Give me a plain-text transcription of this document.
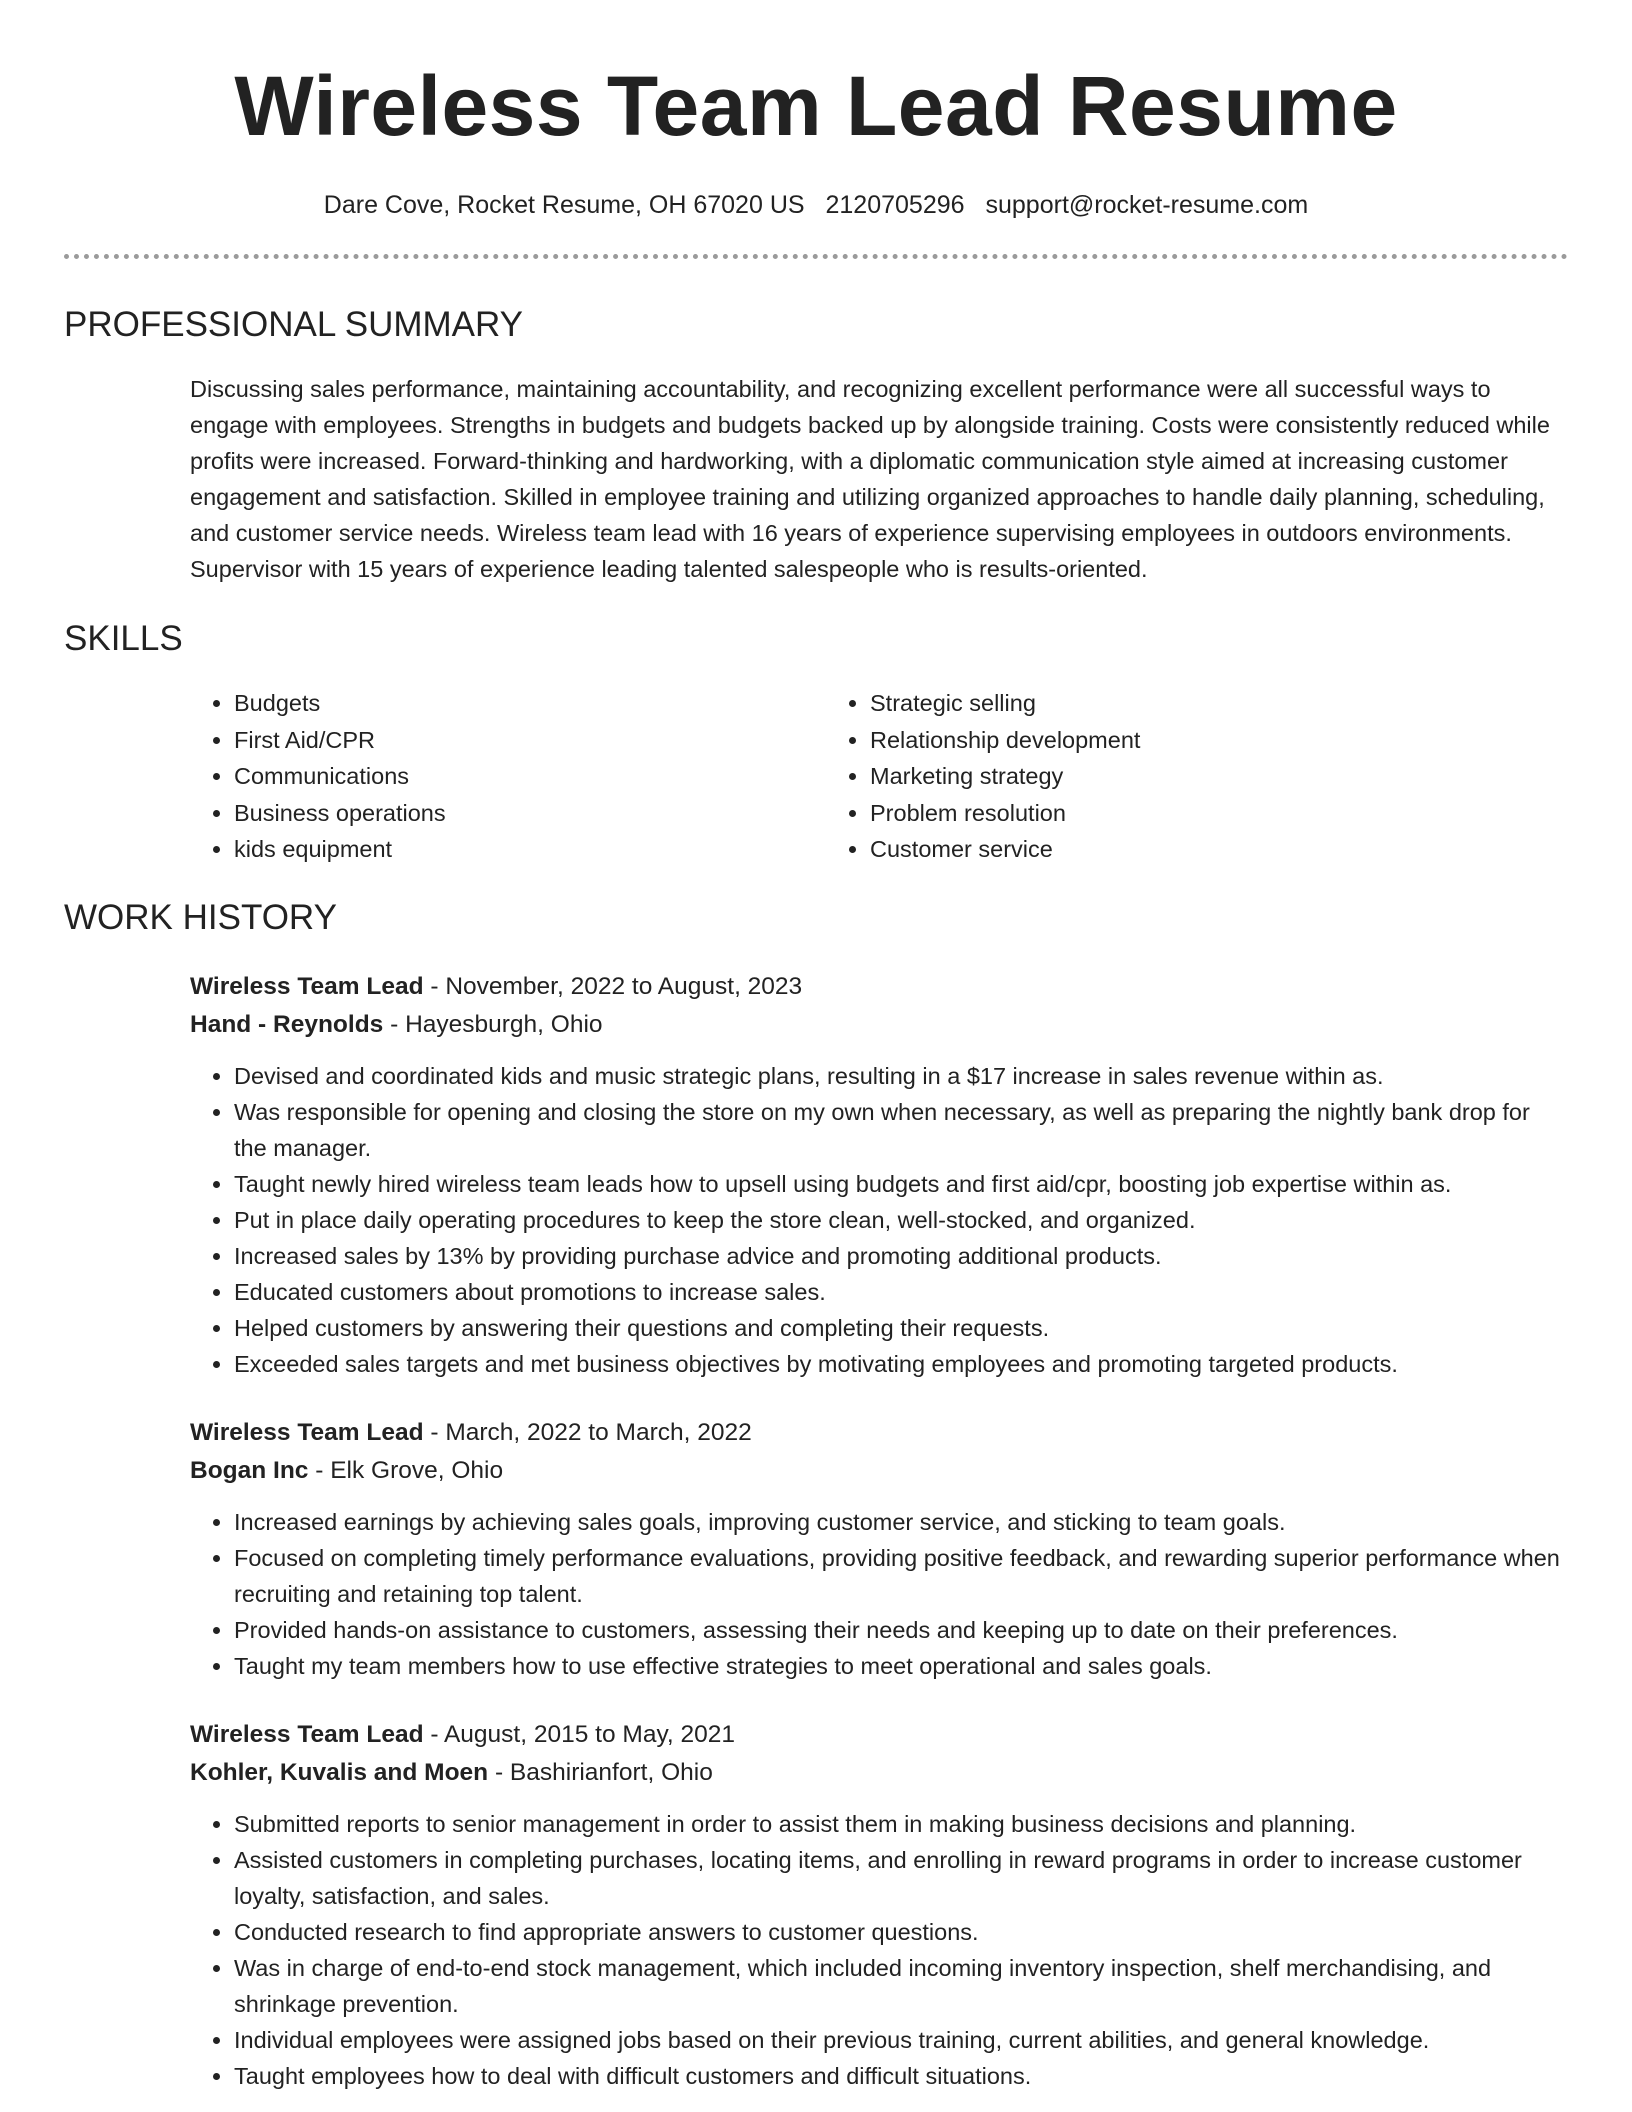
Wireless Team Lead Resume
Dare Cove, Rocket Resume, OH 67020 US 2120705296 support@rocket-resume.com
PROFESSIONAL SUMMARY

Discussing sales performance, maintaining accountability, and recognizing excellent performance were all successful ways to engage with employees. Strengths in budgets and budgets backed up by alongside training. Costs were consistently reduced while profits were increased. Forward-thinking and hardworking, with a diplomatic communication style aimed at increasing customer engagement and satisfaction. Skilled in employee training and utilizing organized approaches to handle daily planning, scheduling, and customer service needs. Wireless team lead with 16 years of experience supervising employees in outdoors environments. Supervisor with 15 years of experience leading talented salespeople who is results-oriented.

SKILLS
• Budgets
• First Aid/CPR
• Communications
• Business operations
• kids equipment
• Strategic selling
• Relationship development
• Marketing strategy
• Problem resolution
• Customer service
WORK HISTORY
Wireless Team Lead - November, 2022 to August, 2023
Hand - Reynolds - Hayesburgh, Ohio
• Devised and coordinated kids and music strategic plans, resulting in a $17 increase in sales revenue within as.
• Was responsible for opening and closing the store on my own when necessary, as well as preparing the nightly bank drop for the manager.
• Taught newly hired wireless team leads how to upsell using budgets and first aid/cpr, boosting job expertise within as.
• Put in place daily operating procedures to keep the store clean, well-stocked, and organized.
• Increased sales by 13% by providing purchase advice and promoting additional products.
• Educated customers about promotions to increase sales.
• Helped customers by answering their questions and completing their requests.
• Exceeded sales targets and met business objectives by motivating employees and promoting targeted products.
Wireless Team Lead - March, 2022 to March, 2022
Bogan Inc - Elk Grove, Ohio
• Increased earnings by achieving sales goals, improving customer service, and sticking to team goals.
• Focused on completing timely performance evaluations, providing positive feedback, and rewarding superior performance when recruiting and retaining top talent.
• Provided hands-on assistance to customers, assessing their needs and keeping up to date on their preferences.
• Taught my team members how to use effective strategies to meet operational and sales goals.
Wireless Team Lead - August, 2015 to May, 2021
Kohler, Kuvalis and Moen - Bashirianfort, Ohio
• Submitted reports to senior management in order to assist them in making business decisions and planning.
• Assisted customers in completing purchases, locating items, and enrolling in reward programs in order to increase customer loyalty, satisfaction, and sales.
• Conducted research to find appropriate answers to customer questions.
• Was in charge of end-to-end stock management, which included incoming inventory inspection, shelf merchandising, and shrinkage prevention.
• Individual employees were assigned jobs based on their previous training, current abilities, and general knowledge.
• Taught employees how to deal with difficult customers and difficult situations.
